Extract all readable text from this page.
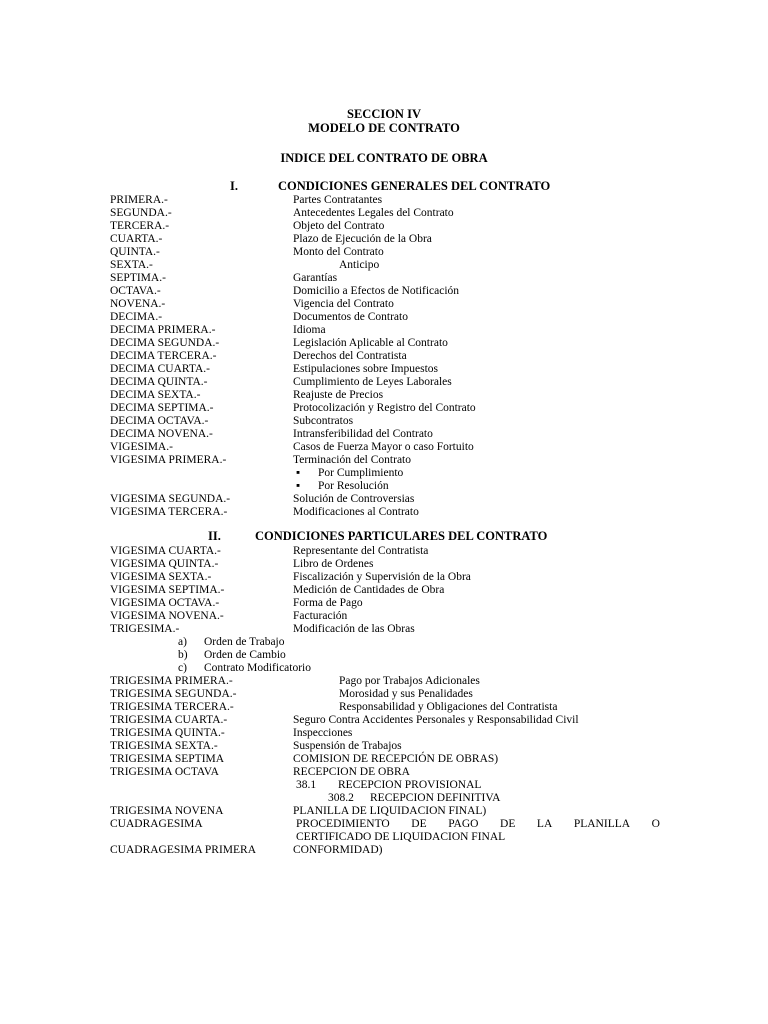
SECCION IV
MODELO DE CONTRATO
INDICE DEL CONTRATO DE OBRA
I.	CONDICIONES GENERALES DEL CONTRATO
PRIMERA.-	Partes Contratantes
SEGUNDA.-	Antecedentes Legales del Contrato
TERCERA.-	Objeto del Contrato
CUARTA.-	Plazo de Ejecución de la Obra
QUINTA.-	Monto del Contrato
SEXTA.-	Anticipo
SEPTIMA.-	Garantías
OCTAVA.-	Domicilio a Efectos de Notificación
NOVENA.-	Vigencia del Contrato
DECIMA.-	Documentos de Contrato
DECIMA PRIMERA.-	Idioma
DECIMA SEGUNDA.-	Legislación Aplicable al Contrato
DECIMA TERCERA.-	Derechos del Contratista
DECIMA CUARTA.-	Estipulaciones sobre Impuestos
DECIMA QUINTA.-	Cumplimiento de Leyes Laborales
DECIMA SEXTA.-	Reajuste de Precios
DECIMA SEPTIMA.-	Protocolización y Registro del Contrato
DECIMA OCTAVA.-	Subcontratos
DECIMA NOVENA.-	Intransferibilidad del Contrato
VIGESIMA.-	Casos de Fuerza Mayor o caso Fortuito
VIGESIMA PRIMERA.-	Terminación del Contrato
▪ Por Cumplimiento
▪ Por Resolución
VIGESIMA SEGUNDA.-	Solución de Controversias
VIGESIMA TERCERA.-	Modificaciones al Contrato
II.	CONDICIONES PARTICULARES DEL CONTRATO
VIGESIMA CUARTA.-	Representante del Contratista
VIGESIMA QUINTA.-	Libro de Ordenes
VIGESIMA SEXTA.-	Fiscalización y Supervisión de la Obra
VIGESIMA SEPTIMA.-	Medición de Cantidades de Obra
VIGESIMA OCTAVA.-	Forma de Pago
VIGESIMA NOVENA.-	Facturación
TRIGESIMA.-	Modificación de las Obras
a) Orden de Trabajo
b) Orden de Cambio
c) Contrato Modificatorio
TRIGESIMA PRIMERA.-	Pago por Trabajos Adicionales
TRIGESIMA SEGUNDA.-	Morosidad y sus Penalidades
TRIGESIMA TERCERA.-	Responsabilidad y Obligaciones del Contratista
TRIGESIMA CUARTA.-	Seguro Contra Accidentes Personales y Responsabilidad Civil
TRIGESIMA QUINTA.-	Inspecciones
TRIGESIMA SEXTA.-	Suspensión de Trabajos
TRIGESIMA SEPTIMA	COMISION DE RECEPCIÓN DE OBRAS)
TRIGESIMA OCTAVA	RECEPCION DE OBRA
38.1 RECEPCION PROVISIONAL
308.2 RECEPCION DEFINITIVA
TRIGESIMA NOVENA	PLANILLA DE LIQUIDACION FINAL)
CUADRAGESIMA	PROCEDIMIENTO DE PAGO DE LA PLANILLA O
CERTIFICADO DE LIQUIDACION FINAL
CUADRAGESIMA PRIMERA	CONFORMIDAD)
